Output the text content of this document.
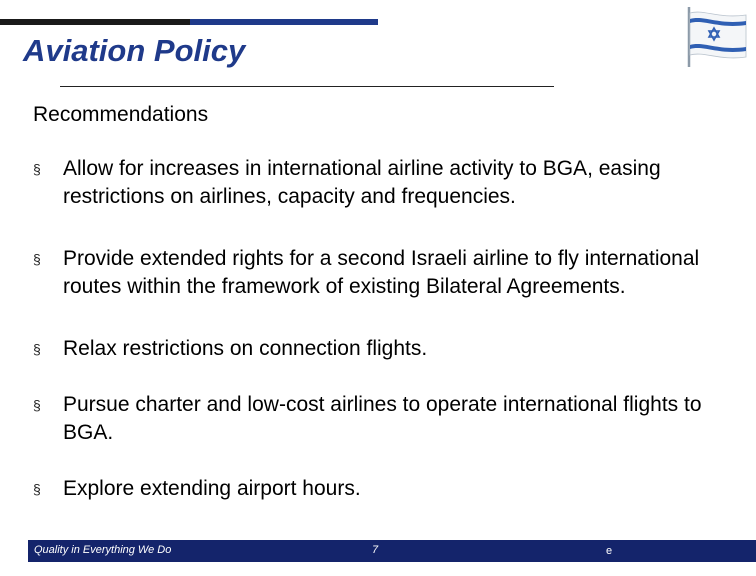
Aviation Policy

Recommendations

§ Allow for increases in international airline activity to BGA, easing restrictions on airlines, capacity and frequencies.
§ Provide extended rights for a second Israeli airline to fly international routes within the framework of existing Bilateral Agreements.
§ Relax restrictions on connection flights.
§ Pursue charter and low-cost airlines to operate international flights to BGA.
§ Explore extending airport hours.
Quality in Everything We Do	7	e
